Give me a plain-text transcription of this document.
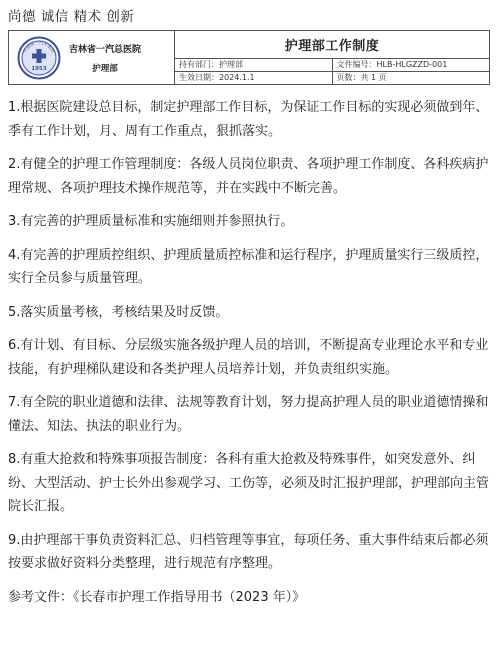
尚德 诚信 精术 创新
中国第一汽车集团
1953
吉林省一汽总医院
护理部	护理部工作制度	
	持有部门：护理部	文件编号：HLB-HLGZZD-001
	生效日期：2024.1.1	页数：共 1 页

1.根据医院建设总目标，制定护理部工作目标，为保证工作目标的实现必须做到年、季有工作计划，月、周有工作重点，狠抓落实。

2.有健全的护理工作管理制度：各级人员岗位职责、各项护理工作制度、各科疾病护理常规、各项护理技术操作规范等，并在实践中不断完善。

3.有完善的护理质量标准和实施细则并参照执行。

4.有完善的护理质控组织、护理质量质控标准和运行程序，护理质量实行三级质控，实行全员参与质量管理。

5.落实质量考核，考核结果及时反馈。

6.有计划、有目标、分层级实施各级护理人员的培训，不断提高专业理论水平和专业技能，有护理梯队建设和各类护理人员培养计划，并负责组织实施。

7.有全院的职业道德和法律、法规等教育计划，努力提高护理人员的职业道德情操和懂法、知法、执法的职业行为。

8.有重大抢救和特殊事项报告制度：各科有重大抢救及特殊事件，如突发意外、纠纷、大型活动、护士长外出参观学习、工伤等，必须及时汇报护理部，护理部向主管院长汇报。

9.由护理部干事负责资料汇总、归档管理等事宜，每项任务、重大事件结束后都必须按要求做好资料分类整理，进行规范有序整理。

参考文件：《长春市护理工作指导用书（2023 年）》
